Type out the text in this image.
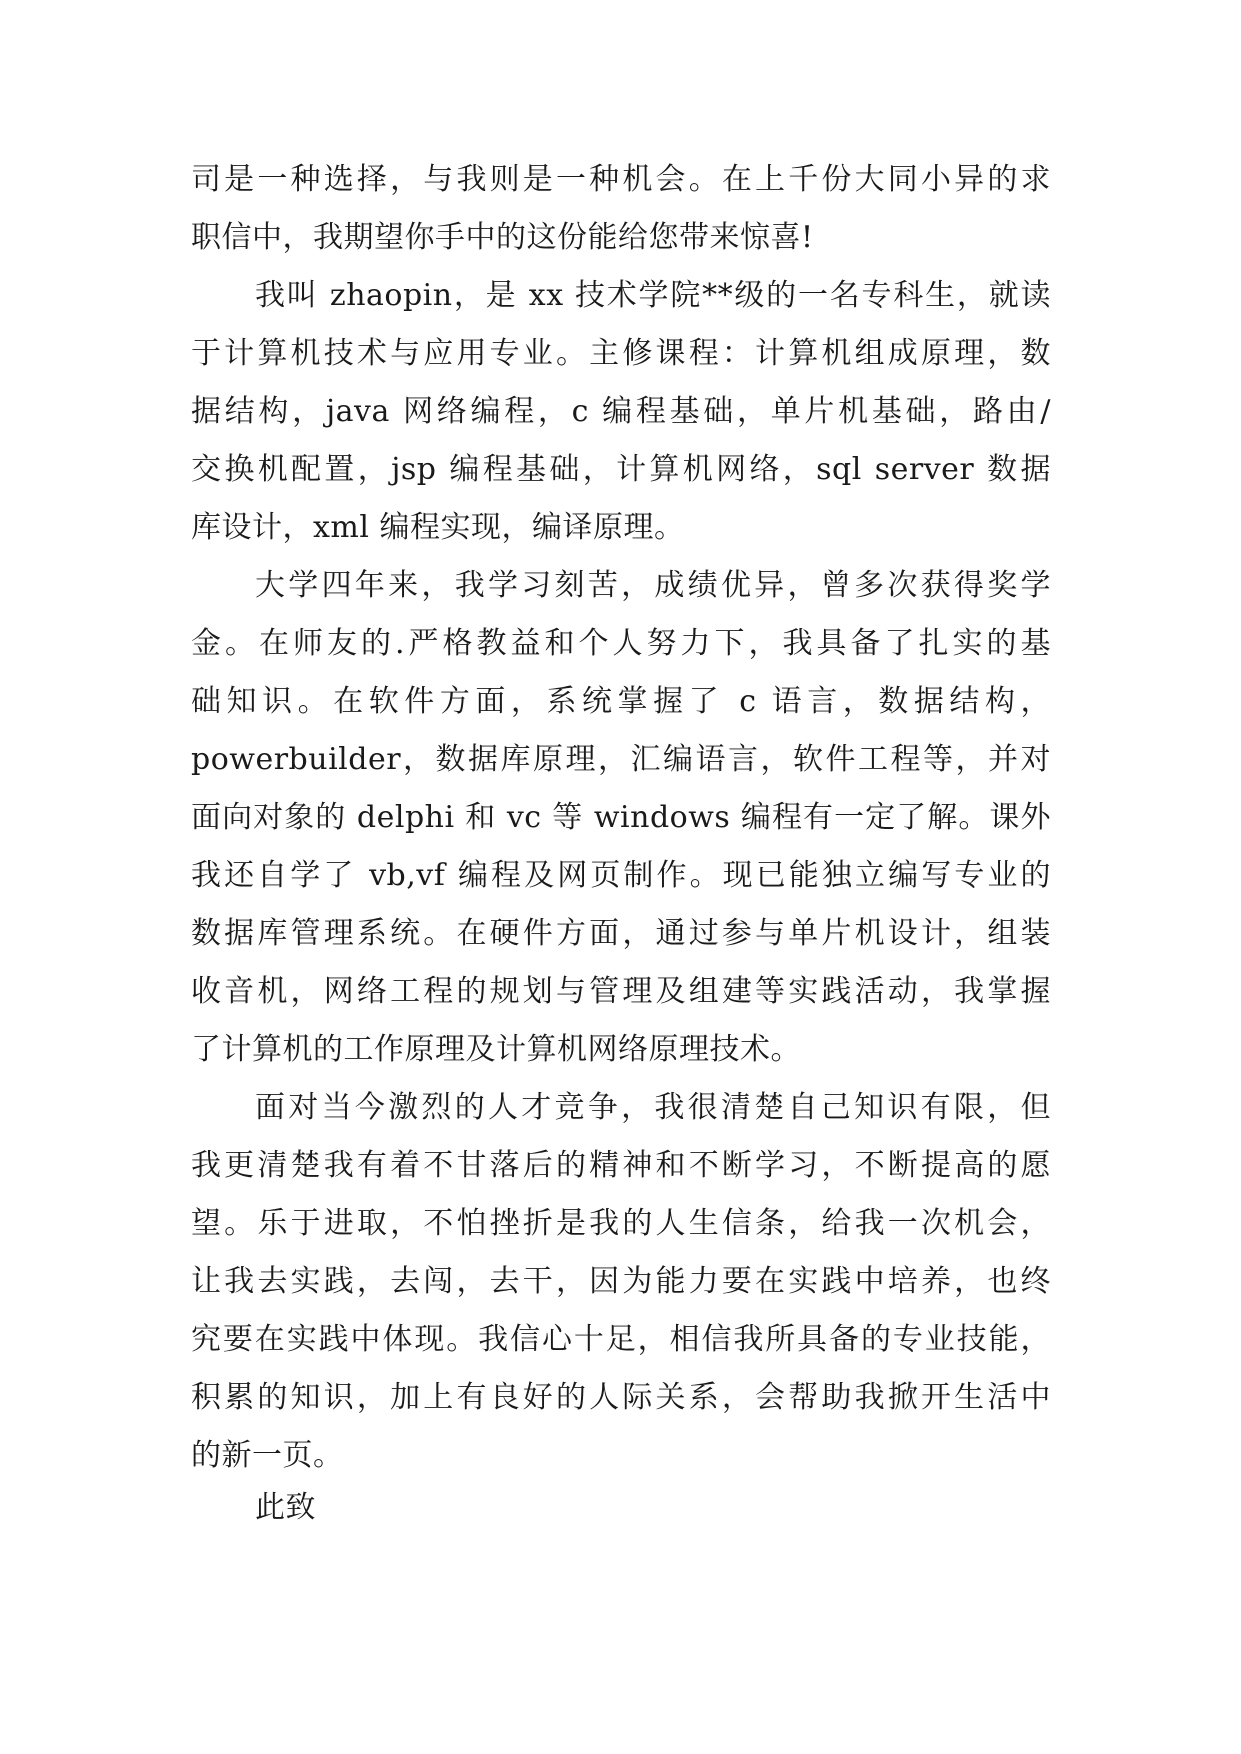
司是一种选择，与我则是一种机会。在上千份大同小异的求
职信中，我期望你手中的这份能给您带来惊喜!
我叫 zhaopin，是 xx 技术学院**级的一名专科生，就读
于计算机技术与应用专业。主修课程：计算机组成原理，数
据结构，java 网络编程，c 编程基础，单片机基础，路由/
交换机配置，jsp 编程基础，计算机网络，sql server 数据
库设计，xml 编程实现，编译原理。
大学四年来，我学习刻苦，成绩优异，曾多次获得奖学
金。在师友的.严格教益和个人努力下，我具备了扎实的基
础知识。在软件方面，系统掌握了 c 语言，数据结构，
powerbuilder，数据库原理，汇编语言，软件工程等，并对
面向对象的 delphi 和 vc 等 windows 编程有一定了解。课外
我还自学了 vb,vf 编程及网页制作。现已能独立编写专业的
数据库管理系统。在硬件方面，通过参与单片机设计，组装
收音机，网络工程的规划与管理及组建等实践活动，我掌握
了计算机的工作原理及计算机网络原理技术。
面对当今激烈的人才竞争，我很清楚自己知识有限，但
我更清楚我有着不甘落后的精神和不断学习，不断提高的愿
望。乐于进取，不怕挫折是我的人生信条，给我一次机会，
让我去实践，去闯，去干，因为能力要在实践中培养，也终
究要在实践中体现。我信心十足，相信我所具备的专业技能，
积累的知识，加上有良好的人际关系，会帮助我掀开生活中
的新一页。
此致
